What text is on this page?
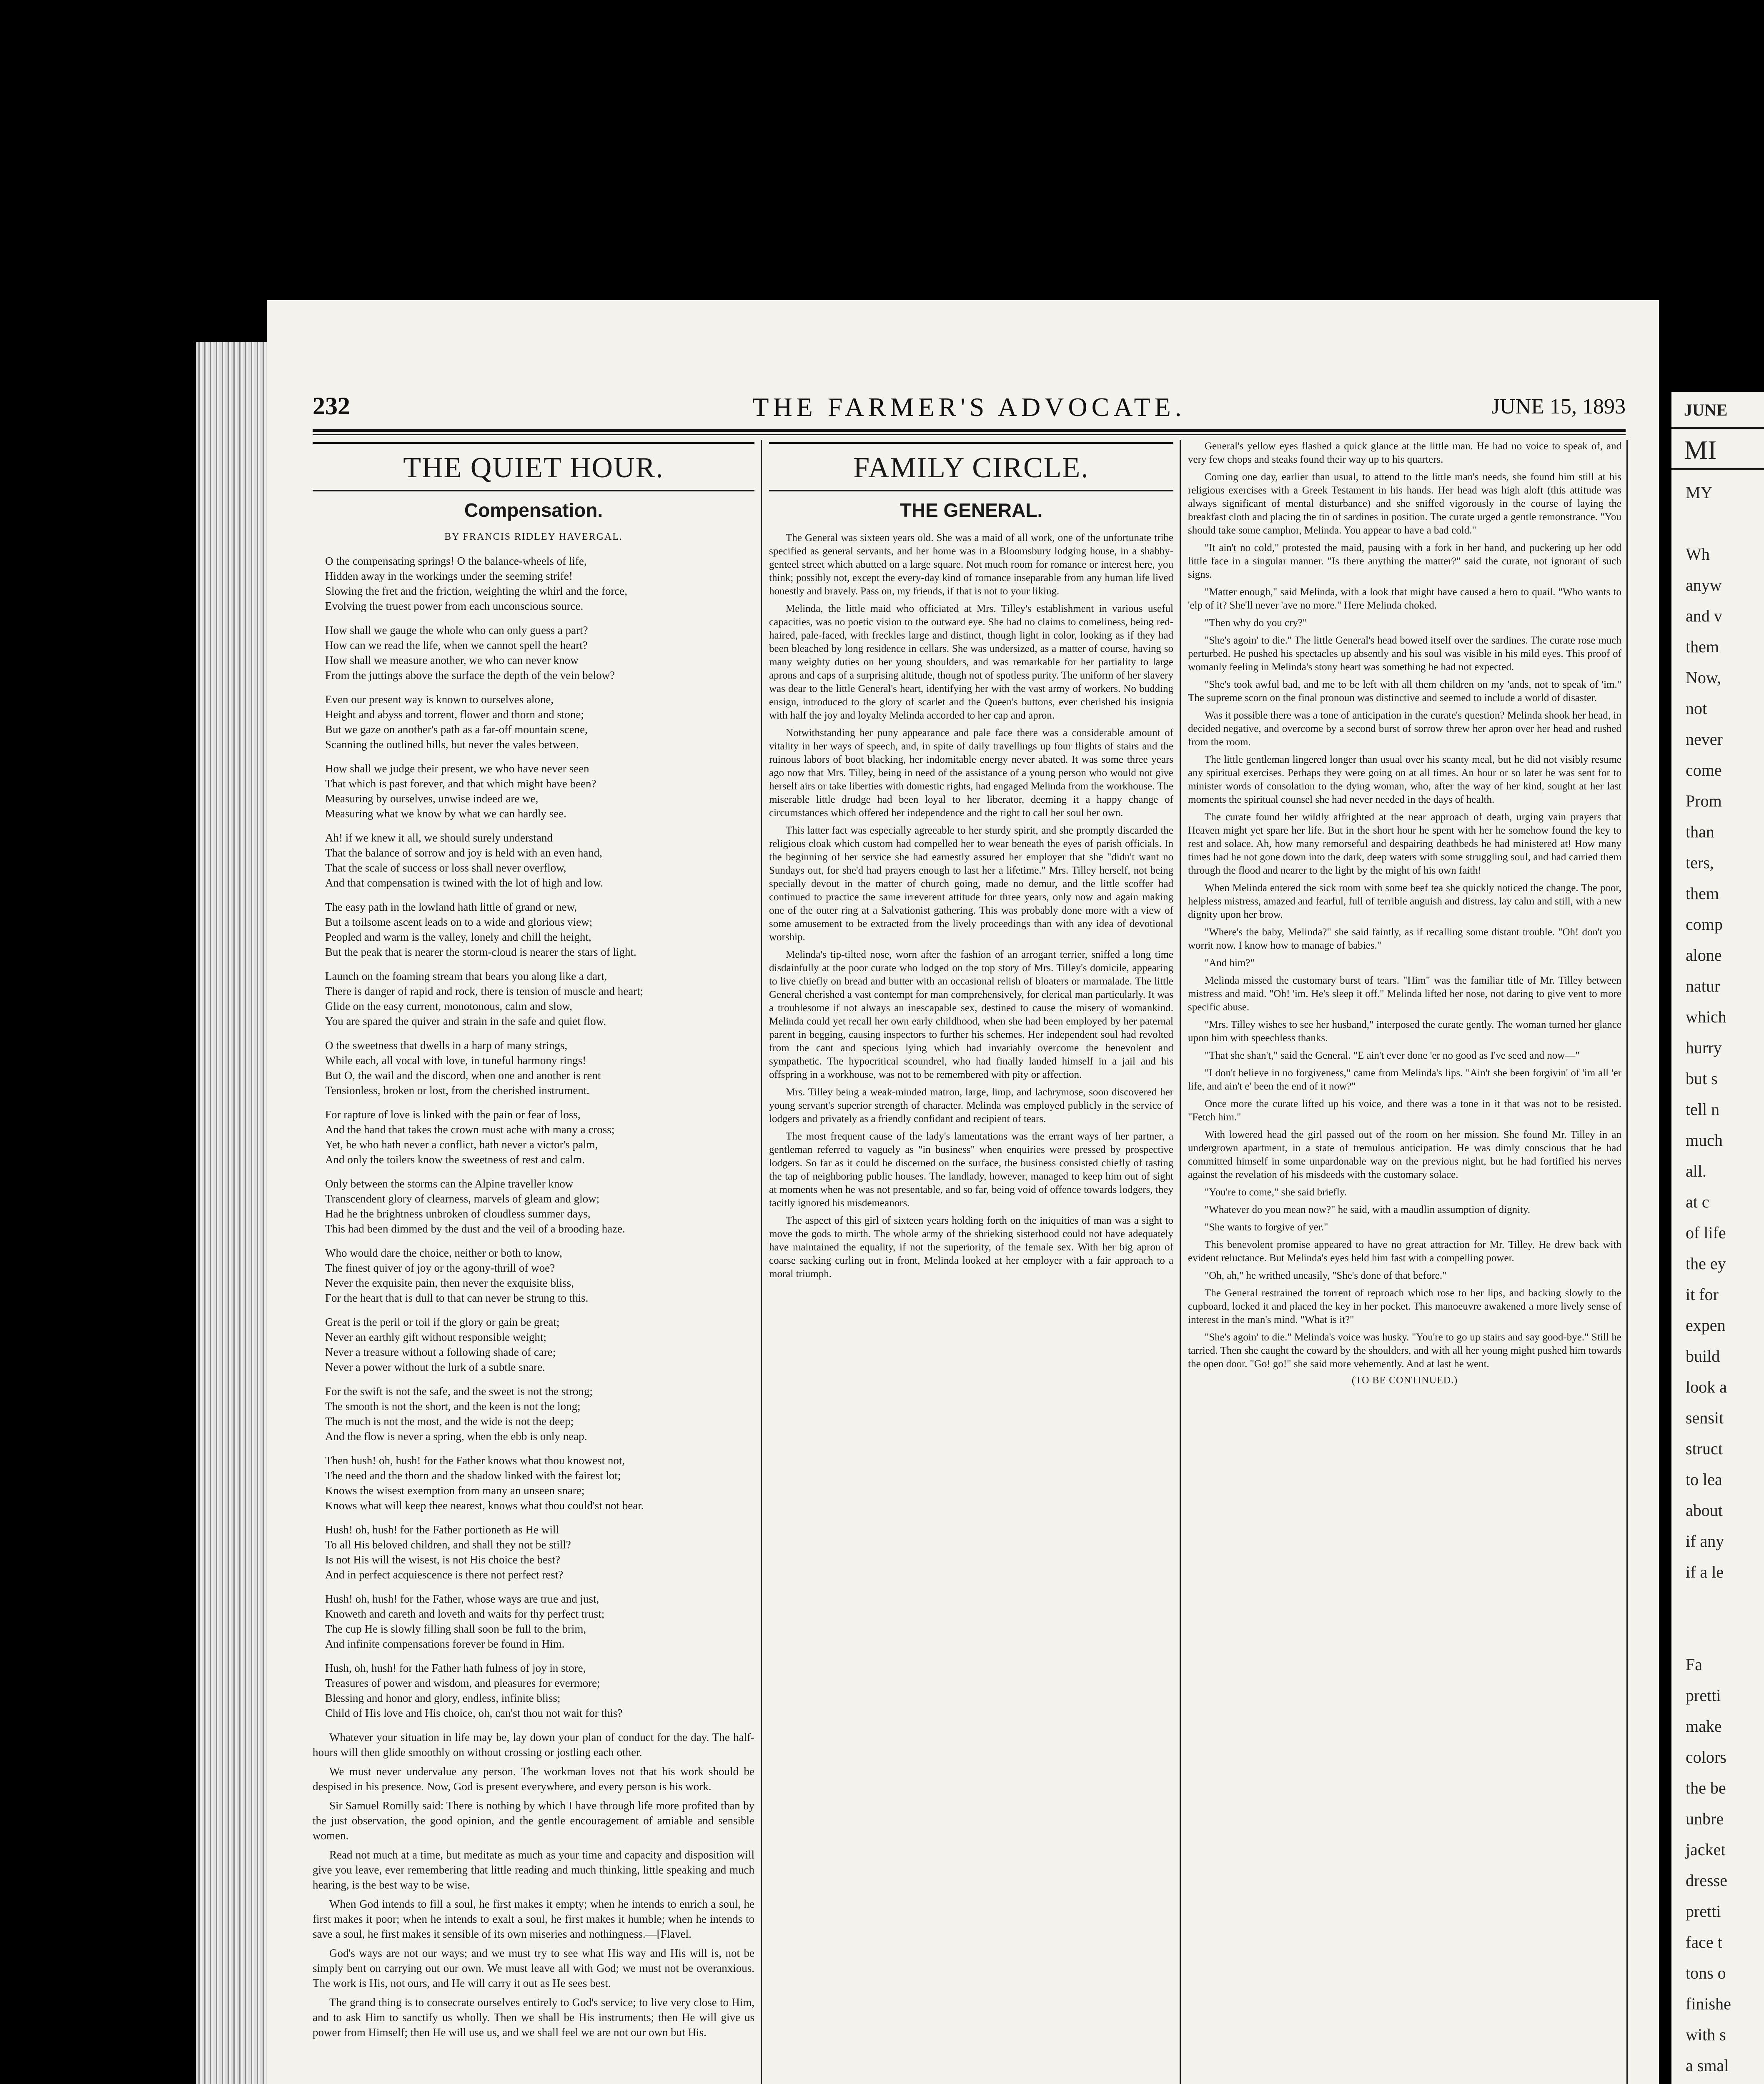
232	THE FARMER'S ADVOCATE.	JUNE 15, 1893
THE QUIET HOUR.
Compensation.
BY FRANCIS RIDLEY HAVERGAL.
O the compensating springs! O the balance-wheels of life,
Hidden away in the workings under the seeming strife!
Slowing the fret and the friction, weighting the whirl and the force,
Evolving the truest power from each unconscious source.
How shall we gauge the whole who can only guess a part?
How can we read the life, when we cannot spell the heart?
How shall we measure another, we who can never know
From the juttings above the surface the depth of the vein below?
Even our present way is known to ourselves alone,
Height and abyss and torrent, flower and thorn and stone;
But we gaze on another's path as a far-off mountain scene,
Scanning the outlined hills, but never the vales between.
How shall we judge their present, we who have never seen
That which is past forever, and that which might have been?
Measuring by ourselves, unwise indeed are we,
Measuring what we know by what we can hardly see.
Ah! if we knew it all, we should surely understand
That the balance of sorrow and joy is held with an even hand,
That the scale of success or loss shall never overflow,
And that compensation is twined with the lot of high and low.
The easy path in the lowland hath little of grand or new,
But a toilsome ascent leads on to a wide and glorious view;
Peopled and warm is the valley, lonely and chill the height,
But the peak that is nearer the storm-cloud is nearer the stars of light.
Launch on the foaming stream that bears you along like a dart,
There is danger of rapid and rock, there is tension of muscle and heart;
Glide on the easy current, monotonous, calm and slow,
You are spared the quiver and strain in the safe and quiet flow.
O the sweetness that dwells in a harp of many strings,
While each, all vocal with love, in tuneful harmony rings!
But O, the wail and the discord, when one and another is rent
Tensionless, broken or lost, from the cherished instrument.
For rapture of love is linked with the pain or fear of loss,
And the hand that takes the crown must ache with many a cross;
Yet, he who hath never a conflict, hath never a victor's palm,
And only the toilers know the sweetness of rest and calm.
Only between the storms can the Alpine traveller know
Transcendent glory of clearness, marvels of gleam and glow;
Had he the brightness unbroken of cloudless summer days,
This had been dimmed by the dust and the veil of a brooding haze.
Who would dare the choice, neither or both to know,
The finest quiver of joy or the agony-thrill of woe?
Never the exquisite pain, then never the exquisite bliss,
For the heart that is dull to that can never be strung to this.
Great is the peril or toil if the glory or gain be great;
Never an earthly gift without responsible weight;
Never a treasure without a following shade of care;
Never a power without the lurk of a subtle snare.
For the swift is not the safe, and the sweet is not the strong;
The smooth is not the short, and the keen is not the long;
The much is not the most, and the wide is not the deep;
And the flow is never a spring, when the ebb is only neap.
Then hush! oh, hush! for the Father knows what thou knowest not,
The need and the thorn and the shadow linked with the fairest lot;
Knows the wisest exemption from many an unseen snare;
Knows what will keep thee nearest, knows what thou could'st not bear.
Hush! oh, hush! for the Father portioneth as He will
To all His beloved children, and shall they not be still?
Is not His will the wisest, is not His choice the best?
And in perfect acquiescence is there not perfect rest?
Hush! oh, hush! for the Father, whose ways are true and just,
Knoweth and careth and loveth and waits for thy perfect trust;
The cup He is slowly filling shall soon be full to the brim,
And infinite compensations forever be found in Him.
Hush, oh, hush! for the Father hath fulness of joy in store,
Treasures of power and wisdom, and pleasures for evermore;
Blessing and honor and glory, endless, infinite bliss;
Child of His love and His choice, oh, can'st thou not wait for this?

Whatever your situation in life may be, lay down your plan of conduct for the day. The half-hours will then glide smoothly on without crossing or jostling each other.

We must never undervalue any person. The workman loves not that his work should be despised in his presence. Now, God is present everywhere, and every person is his work.

Sir Samuel Romilly said: There is nothing by which I have through life more profited than by the just observation, the good opinion, and the gentle encouragement of amiable and sensible women.

Read not much at a time, but meditate as much as your time and capacity and disposition will give you leave, ever remembering that little reading and much thinking, little speaking and much hearing, is the best way to be wise.

When God intends to fill a soul, he first makes it empty; when he intends to enrich a soul, he first makes it poor; when he intends to exalt a soul, he first makes it humble; when he intends to save a soul, he first makes it sensible of its own miseries and nothingness.—[Flavel.

God's ways are not our ways; and we must try to see what His way and His will is, not be simply bent on carrying out our own. We must leave all with God; we must not be overanxious. The work is His, not ours, and He will carry it out as He sees best.

The grand thing is to consecrate ourselves entirely to God's service; to live very close to Him, and to ask Him to sanctify us wholly. Then we shall be His instruments; then He will give us power from Himself; then He will use us, and we shall feel we are not our own but His.

FAMILY CIRCLE.
THE GENERAL.

The General was sixteen years old. She was a maid of all work, one of the unfortunate tribe specified as general servants, and her home was in a Bloomsbury lodging house, in a shabby-genteel street which abutted on a large square. Not much room for romance or interest here, you think; possibly not, except the every-day kind of romance inseparable from any human life lived honestly and bravely. Pass on, my friends, if that is not to your liking.

Melinda, the little maid who officiated at Mrs. Tilley's establishment in various useful capacities, was no poetic vision to the outward eye. She had no claims to comeliness, being red-haired, pale-faced, with freckles large and distinct, though light in color, looking as if they had been bleached by long residence in cellars. She was undersized, as a matter of course, having so many weighty duties on her young shoulders, and was remarkable for her partiality to large aprons and caps of a surprising altitude, though not of spotless purity. The uniform of her slavery was dear to the little General's heart, identifying her with the vast army of workers. No budding ensign, introduced to the glory of scarlet and the Queen's buttons, ever cherished his insignia with half the joy and loyalty Melinda accorded to her cap and apron.

Notwithstanding her puny appearance and pale face there was a considerable amount of vitality in her ways of speech, and, in spite of daily travellings up four flights of stairs and the ruinous labors of boot blacking, her indomitable energy never abated. It was some three years ago now that Mrs. Tilley, being in need of the assistance of a young person who would not give herself airs or take liberties with domestic rights, had engaged Melinda from the workhouse. The miserable little drudge had been loyal to her liberator, deeming it a happy change of circumstances which offered her independence and the right to call her soul her own.

This latter fact was especially agreeable to her sturdy spirit, and she promptly discarded the religious cloak which custom had compelled her to wear beneath the eyes of parish officials. In the beginning of her service she had earnestly assured her employer that she "didn't want no Sundays out, for she'd had prayers enough to last her a lifetime." Mrs. Tilley herself, not being specially devout in the matter of church going, made no demur, and the little scoffer had continued to practice the same irreverent attitude for three years, only now and again making one of the outer ring at a Salvationist gathering. This was probably done more with a view of some amusement to be extracted from the lively proceedings than with any idea of devotional worship.

Melinda's tip-tilted nose, worn after the fashion of an arrogant terrier, sniffed a long time disdainfully at the poor curate who lodged on the top story of Mrs. Tilley's domicile, appearing to live chiefly on bread and butter with an occasional relish of bloaters or marmalade. The little General cherished a vast contempt for man comprehensively, for clerical man particularly. It was a troublesome if not always an inescapable sex, destined to cause the misery of womankind. Melinda could yet recall her own early childhood, when she had been employed by her paternal parent in begging, causing inspectors to further his schemes. Her independent soul had revolted from the cant and specious lying which had invariably overcome the benevolent and sympathetic. The hypocritical scoundrel, who had finally landed himself in a jail and his offspring in a workhouse, was not to be remembered with pity or affection.

Mrs. Tilley being a weak-minded matron, large, limp, and lachrymose, soon discovered her young servant's superior strength of character. Melinda was employed publicly in the service of lodgers and privately as a friendly confidant and recipient of tears.

The most frequent cause of the lady's lamentations was the errant ways of her partner, a gentleman referred to vaguely as "in business" when enquiries were pressed by prospective lodgers. So far as it could be discerned on the surface, the business consisted chiefly of tasting the tap of neighboring public houses. The landlady, however, managed to keep him out of sight at moments when he was not presentable, and so far, being void of offence towards lodgers, they tacitly ignored his misdemeanors.

The aspect of this girl of sixteen years holding forth on the iniquities of man was a sight to move the gods to mirth. The whole army of the shrieking sisterhood could not have adequately have maintained the equality, if not the superiority, of the female sex. With her big apron of coarse sacking curling out in front, Melinda looked at her employer with a fair approach to a moral triumph.

General's yellow eyes flashed a quick glance at the little man. He had no voice to speak of, and very few chops and steaks found their way up to his quarters.

Coming one day, earlier than usual, to attend to the little man's needs, she found him still at his religious exercises with a Greek Testament in his hands. Her head was high aloft (this attitude was always significant of mental disturbance) and she sniffed vigorously in the course of laying the breakfast cloth and placing the tin of sardines in position. The curate urged a gentle remonstrance. "You should take some camphor, Melinda. You appear to have a bad cold."

"It ain't no cold," protested the maid, pausing with a fork in her hand, and puckering up her odd little face in a singular manner. "Is there anything the matter?" said the curate, not ignorant of such signs.

"Matter enough," said Melinda, with a look that might have caused a hero to quail. "Who wants to 'elp of it? She'll never 'ave no more." Here Melinda choked.

"Then why do you cry?"

"She's agoin' to die." The little General's head bowed itself over the sardines. The curate rose much perturbed. He pushed his spectacles up absently and his soul was visible in his mild eyes. This proof of womanly feeling in Melinda's stony heart was something he had not expected.

"She's took awful bad, and me to be left with all them children on my 'ands, not to speak of 'im." The supreme scorn on the final pronoun was distinctive and seemed to include a world of disaster.

Was it possible there was a tone of anticipation in the curate's question? Melinda shook her head, in decided negative, and overcome by a second burst of sorrow threw her apron over her head and rushed from the room.

The little gentleman lingered longer than usual over his scanty meal, but he did not visibly resume any spiritual exercises. Perhaps they were going on at all times. An hour or so later he was sent for to minister words of consolation to the dying woman, who, after the way of her kind, sought at her last moments the spiritual counsel she had never needed in the days of health.

The curate found her wildly affrighted at the near approach of death, urging vain prayers that Heaven might yet spare her life. But in the short hour he spent with her he somehow found the key to rest and solace. Ah, how many remorseful and despairing deathbeds he had ministered at! How many times had he not gone down into the dark, deep waters with some struggling soul, and had carried them through the flood and nearer to the light by the might of his own faith!

When Melinda entered the sick room with some beef tea she quickly noticed the change. The poor, helpless mistress, amazed and fearful, full of terrible anguish and distress, lay calm and still, with a new dignity upon her brow.

"Where's the baby, Melinda?" she said faintly, as if recalling some distant trouble. "Oh! don't you worrit now. I know how to manage of babies."

"And him?"

Melinda missed the customary burst of tears. "Him" was the familiar title of Mr. Tilley between mistress and maid. "Oh! 'im. He's sleep it off." Melinda lifted her nose, not daring to give vent to more specific abuse.

"Mrs. Tilley wishes to see her husband," interposed the curate gently. The woman turned her glance upon him with speechless thanks.

"That she shan't," said the General. "E ain't ever done 'er no good as I've seed and now—"

"I don't believe in no forgiveness," came from Melinda's lips. "Ain't she been forgivin' of 'im all 'er life, and ain't e' been the end of it now?"

Once more the curate lifted up his voice, and there was a tone in it that was not to be resisted. "Fetch him."

With lowered head the girl passed out of the room on her mission. She found Mr. Tilley in an undergrown apartment, in a state of tremulous anticipation. He was dimly conscious that he had committed himself in some unpardonable way on the previous night, but he had fortified his nerves against the revelation of his misdeeds with the customary solace.

"You're to come," she said briefly.

"Whatever do you mean now?" he said, with a maudlin assumption of dignity.

"She wants to forgive of yer."

This benevolent promise appeared to have no great attraction for Mr. Tilley. He drew back with evident reluctance. But Melinda's eyes held him fast with a compelling power.

"Oh, ah," he writhed uneasily, "She's done of that before."

The General restrained the torrent of reproach which rose to her lips, and backing slowly to the cupboard, locked it and placed the key in her pocket. This manoeuvre awakened a more lively sense of interest in the man's mind. "What is it?"

"She's agoin' to die." Melinda's voice was husky. "You're to go up stairs and say good-bye." Still he tarried. Then she caught the coward by the shoulders, and with all her young might pushed him towards the open door. "Go! go!" she said more vehemently. And at last he went.

(TO BE CONTINUED.)
JUNE
MI
MY

Wh
anyw
and v
them
Now,
not
never
come
Prom
than
ters,
them
comp
alone
natur
which
hurry
but s
tell n
much
all.
at c
of life
the ey
it for
expen
build
look a
sensit
struct
to lea
about
if any
if a le

Fa
pretti
make
colors
the be
unbre
jacket
dresse
pretti
face t
tons o
finishe
with s
a smal
